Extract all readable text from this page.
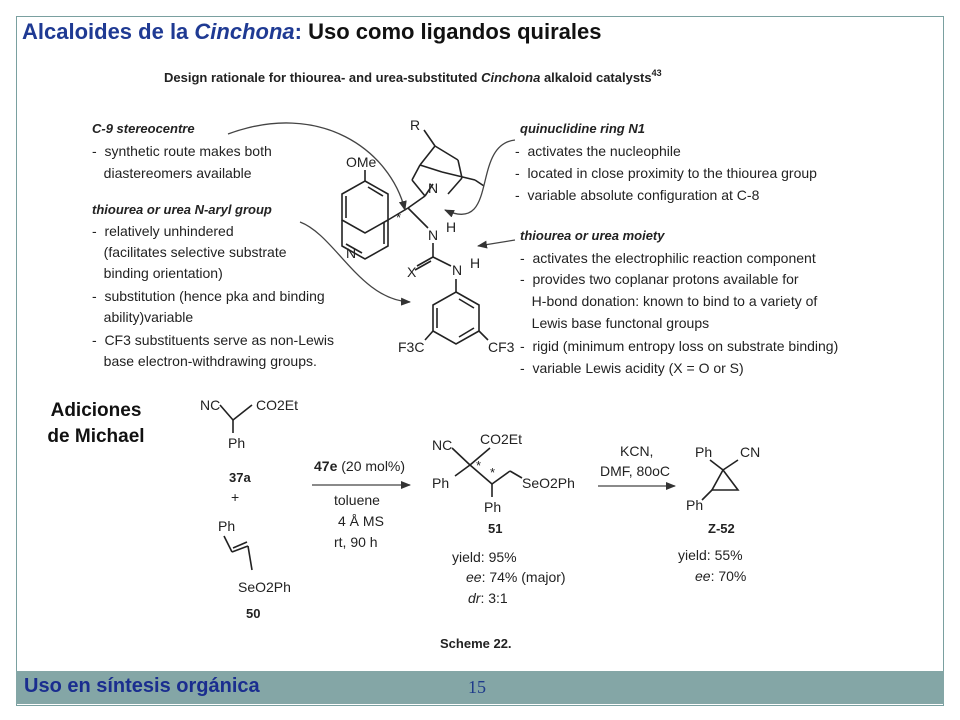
Alcaloides de la Cinchona: Uso como ligandos quirales
Design rationale for thiourea- and urea-substituted Cinchona alkaloid catalysts$^{43}$
C-9 stereocentre
-  synthetic route makes both
diastereomers available
thiourea or urea N-aryl group
-  relatively unhindered
(facilitates selective substrate
binding orientation)
-  substitution (hence pka and binding
ability)variable
-  CF3 substituents serve as non-Lewis
base electron-withdrawing groups.
quinuclidine ring N1
-  activates the nucleophile
-  located in close proximity to the thiourea group
-  variable absolute configuration at C-8
thiourea or urea moiety
-  activates the electrophilic reaction component
-  provides two coplanar protons available for
H-bond donation: known to bind to a variety of
Lewis base functonal groups
-  rigid (minimum entropy loss on substrate binding)
-  variable Lewis acidity (X = O or S)
OMe
N
*
R
N
N H
X	N H
F3C	CF3
NC	CO2Et
Ph
37a
+
Ph
SeO2Ph
50
47e (20 mol%)
toluene
4 Å MS
rt, 90 h
NC CO2Et
Ph
* *
SeO2Ph
Ph
51
yield: 95%
ee: 74% (major)
dr: 3:1
KCN,
DMF, 80oC
Ph CN
Ph
Z-52
yield: 55%
ee: 70%
Scheme 22.
Adiciones
de Michael
Uso en síntesis orgánica	15
